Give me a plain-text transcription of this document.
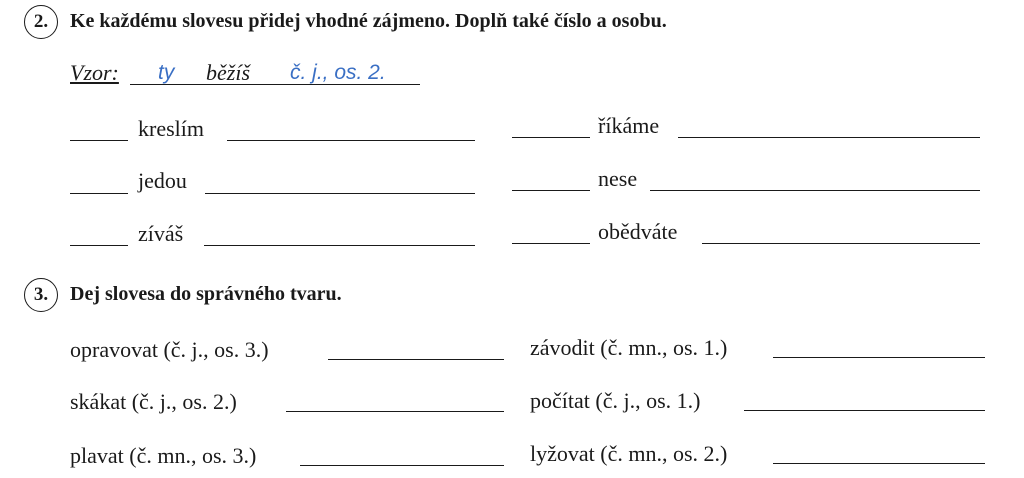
2.	Ke každému slovesu přidej vhodné zájmeno. Doplň také číslo a osobu.
Vzor: ty běžíš č. j., os. 2.
kreslím	říkáme
jedou	nese
zíváš	obědváte
3.	Dej slovesa do správného tvaru.
opravovat (č. j., os. 3.)	závodit (č. mn., os. 1.)
skákat (č. j., os. 2.)	počítat (č. j., os. 1.)
plavat (č. mn., os. 3.)	lyžovat (č. mn., os. 2.)
